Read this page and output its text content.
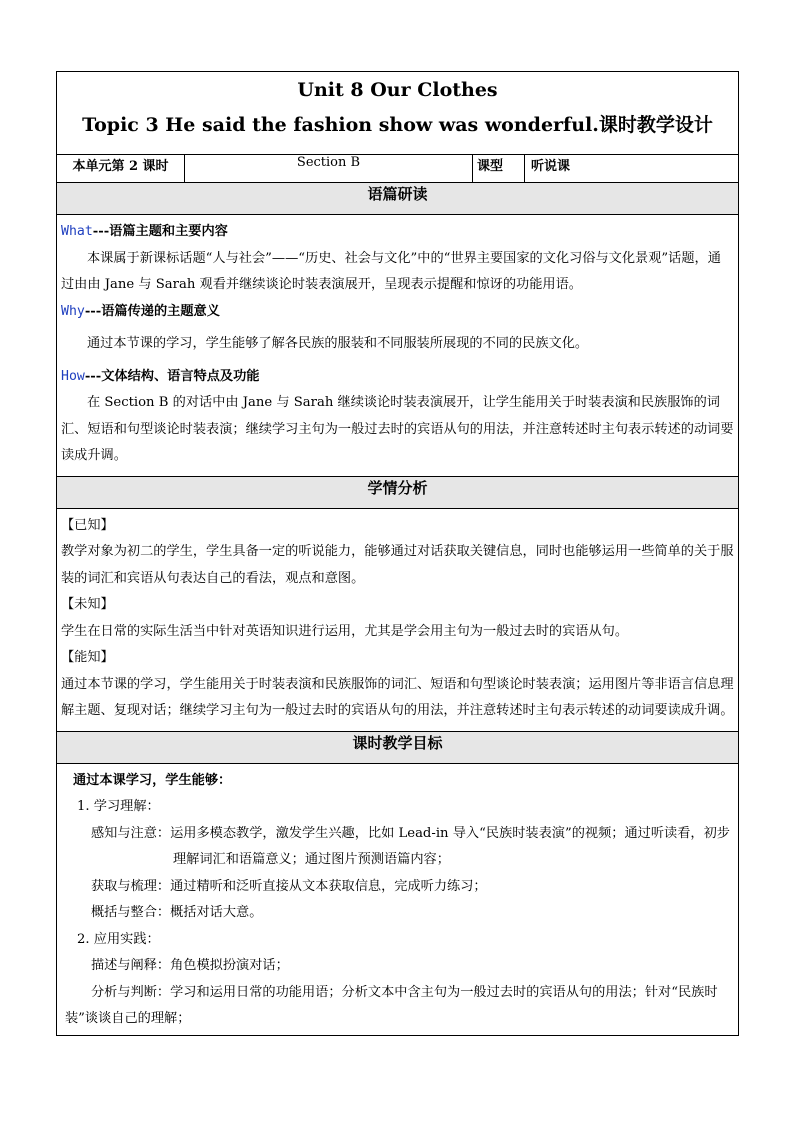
Unit 8 Our Clothes
Topic 3 He said the fashion show was wonderful.课时教学设计

本单元第 2 课时	Section B	课型	听说课
语篇研读

What---语篇主题和主要内容

本课属于新课标话题“人与社会”——“历史、社会与文化”中的“世界主要国家的文化习俗与文化景观”话题，通过由由 Jane 与 Sarah 观看并继续谈论时装表演展开，呈现表示提醒和惊讶的功能用语。

Why---语篇传递的主题意义

通过本节课的学习，学生能够了解各民族的服装和不同服装所展现的不同的民族文化。

How---文体结构、语言特点及功能

在 Section B 的对话中由 Jane 与 Sarah 继续谈论时装表演展开，让学生能用关于时装表演和民族服饰的词汇、短语和句型谈论时装表演；继续学习主句为一般过去时的宾语从句的用法，并注意转述时主句表示转述的动词要读成升调。

学情分析

【已知】

教学对象为初二的学生，学生具备一定的听说能力，能够通过对话获取关键信息，同时也能够运用一些简单的关于服装的词汇和宾语从句表达自己的看法，观点和意图。

【未知】

学生在日常的实际生活当中针对英语知识进行运用，尤其是学会用主句为一般过去时的宾语从句。

【能知】

通过本节课的学习，学生能用关于时装表演和民族服饰的词汇、短语和句型谈论时装表演；运用图片等非语言信息理解主题、复现对话；继续学习主句为一般过去时的宾语从句的用法，并注意转述时主句表示转述的动词要读成升调。

课时教学目标

通过本课学习，学生能够：

1. 学习理解：

感知与注意：运用多模态教学，激发学生兴趣，比如 Lead-in 导入“民族时装表演”的视频；通过听读看，初步理解词汇和语篇意义；通过图片预测语篇内容；

获取与梳理：通过精听和泛听直接从文本获取信息，完成听力练习；

概括与整合：概括对话大意。

2. 应用实践：

描述与阐释：角色模拟扮演对话；

分析与判断：学习和运用日常的功能用语；分析文本中含主句为一般过去时的宾语从句的用法；针对“民族时装”谈谈自己的理解；
